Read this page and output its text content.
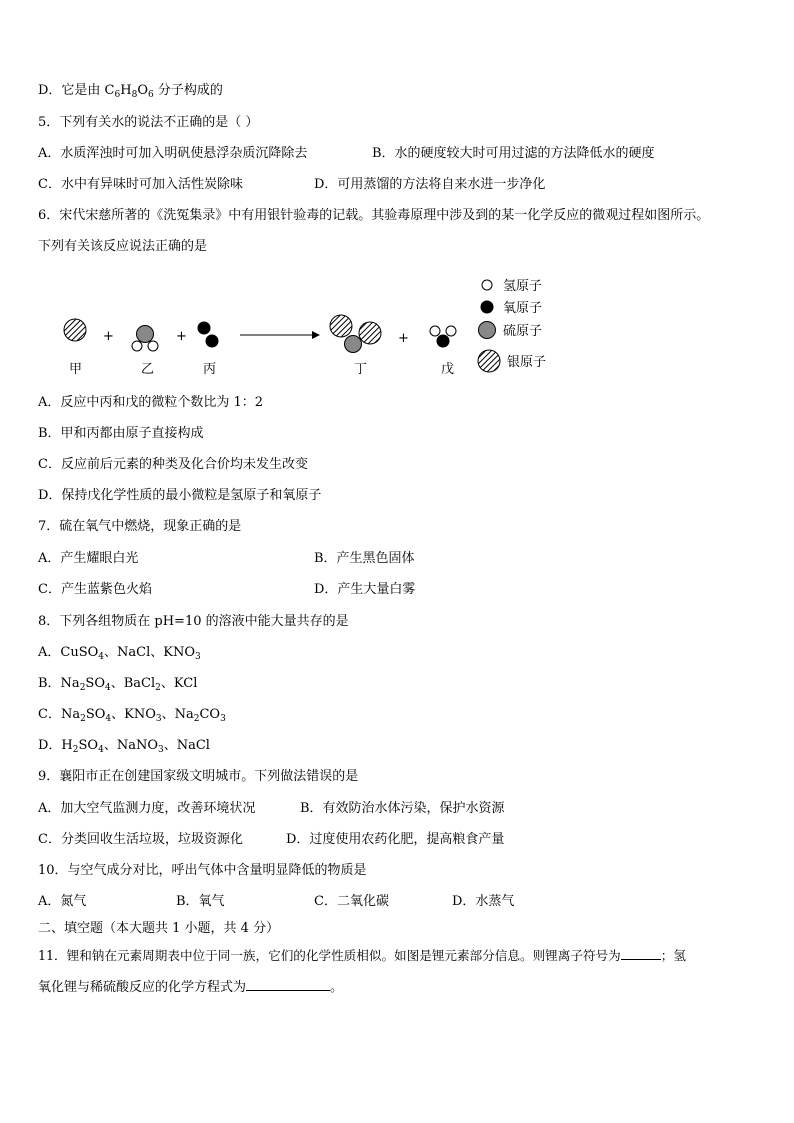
D．它是由 $C_6H_8O_6$ 分子构成的
5．下列有关水的说法不正确的是（ ）
A．水质浑浊时可加入明矾使悬浮杂质沉降除去	B．水的硬度较大时可用过滤的方法降低水的硬度
C．水中有异味时可加入活性炭除味	D．可用蒸馏的方法将自来水进一步净化
6．宋代宋慈所著的《洗冤集录》中有用银针验毒的记载。其验毒原理中涉及到的某一化学反应的微观过程如图所示。
下列有关该反应说法正确的是
+	+	+
甲	乙	丙	丁	戊
氢原子
氧原子
硫原子
银原子
A．反应中丙和戊的微粒个数比为 1：2
B．甲和丙都由原子直接构成
C．反应前后元素的种类及化合价均未发生改变
D．保持戊化学性质的最小微粒是氢原子和氧原子
7．硫在氧气中燃烧，现象正确的是
A．产生耀眼白光	B．产生黑色固体
C．产生蓝紫色火焰	D．产生大量白雾
8．下列各组物质在 pH=10 的溶液中能大量共存的是
A．CuSO$_4$、NaCl、$KNO_3$
B．$Na_2SO_4$、BaCl$_2$、KCl
C．$Na_2SO_4$、$KNO_3$、$Na_2CO_3$
D．$H_2SO_4$、NaNO$_3$、NaCl
9．襄阳市正在创建国家级文明城市。下列做法错误的是
A．加大空气监测力度，改善环境状况	B．有效防治水体污染，保护水资源
C．分类回收生活垃圾，垃圾资源化	D．过度使用农药化肥，提高粮食产量
10．与空气成分对比，呼出气体中含量明显降低的物质是
A．氮气	B．氧气	C．二氧化碳	D．水蒸气
二、填空题（本大题共 1 小题，共 4 分）
11．锂和钠在元素周期表中位于同一族，它们的化学性质相似。如图是锂元素部分信息。则锂离子符号为	；氢
氧化锂与稀硫酸反应的化学方程式为	。
